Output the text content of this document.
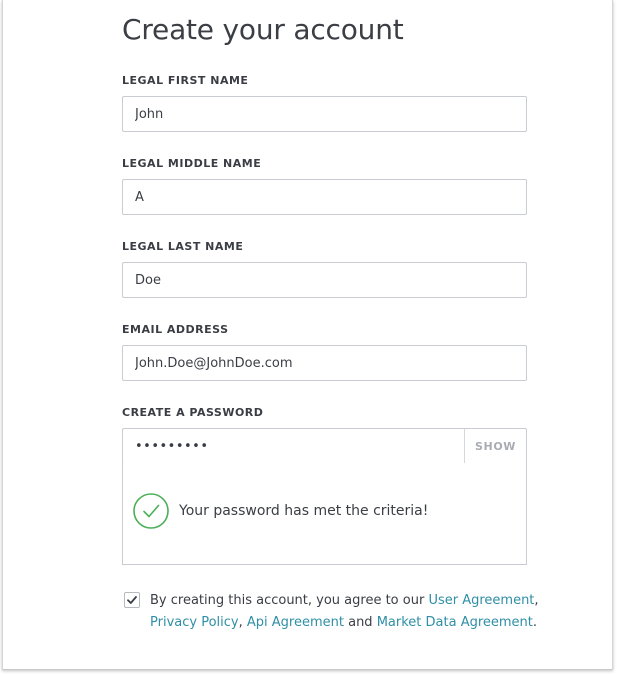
Create your account
LEGAL FIRST NAME
John
LEGAL MIDDLE NAME
A
LEGAL LAST NAME
Doe
EMAIL ADDRESS
John.Doe@JohnDoe.com
CREATE A PASSWORD
•••••••••
SHOW
Your password has met the criteria!
By creating this account, you agree to our User Agreement,
Privacy Policy, Api Agreement and Market Data Agreement.
